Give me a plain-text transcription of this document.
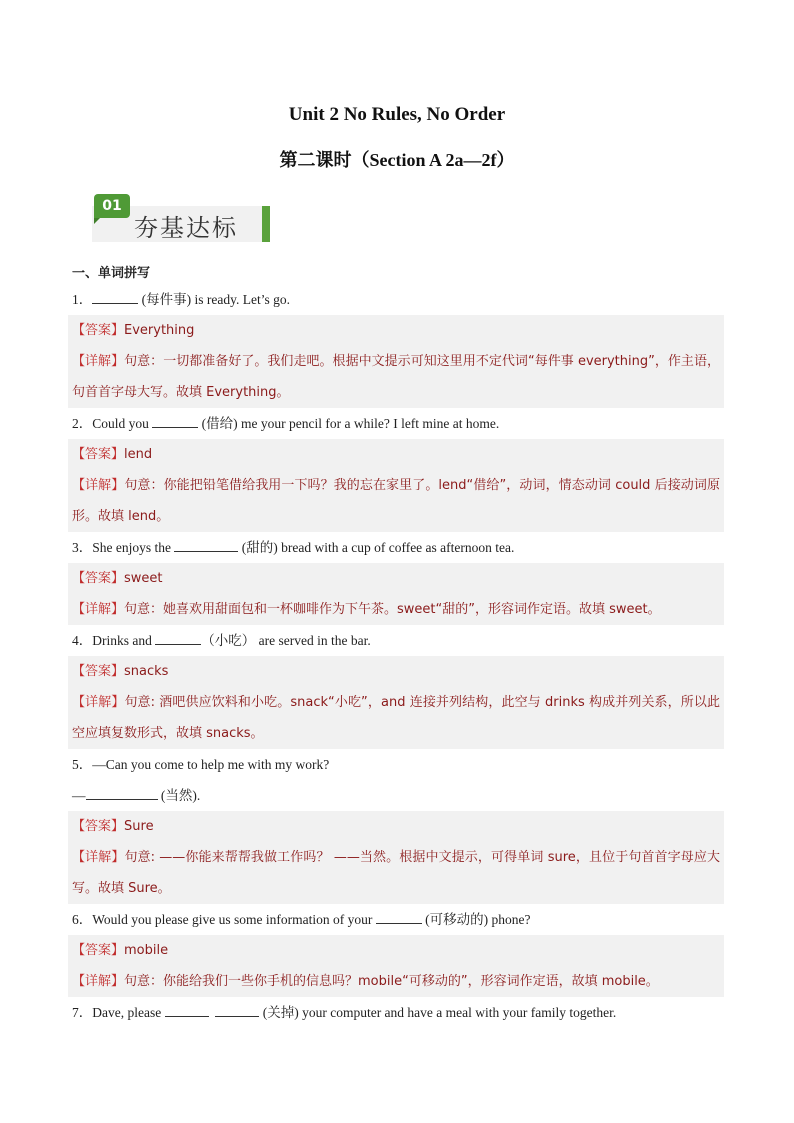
Unit 2 No Rules, No Order
第二课时（Section A 2a—2f）
01
夯基达标
一、单词拼写
1．	(每件事) is ready. Let’s go.
【答案】Everything
【详解】句意：一切都准备好了。我们走吧。根据中文提示可知这里用不定代词“每件事 everything”，作主语，句首首字母大写。故填 Everything。
2．Could you	(借给) me your pencil for a while? I left mine at home.
【答案】lend
【详解】句意：你能把铅笔借给我用一下吗？我的忘在家里了。lend“借给”，动词，情态动词 could 后接动词原形。故填 lend。
3．She enjoys the	(甜的) bread with a cup of coffee as afternoon tea.
【答案】sweet
【详解】句意：她喜欢用甜面包和一杯咖啡作为下午茶。sweet“甜的”，形容词作定语。故填 sweet。
4．Drinks and	（小吃） are served in the bar.
【答案】snacks
【详解】句意: 酒吧供应饮料和小吃。snack“小吃”，and 连接并列结构，此空与 drinks 构成并列关系，所以此空应填复数形式，故填 snacks。
5．—Can you come to help me with my work?
—	(当然).
【答案】Sure
【详解】句意: ——你能来帮帮我做工作吗？ ——当然。根据中文提示，可得单词 sure，且位于句首首字母应大写。故填 Sure。
6．Would you please give us some information of your	(可移动的) phone?
【答案】mobile
【详解】句意：你能给我们一些你手机的信息吗？mobile“可移动的”，形容词作定语，故填 mobile。
7．Dave, please	(关掉) your computer and have a meal with your family together.
